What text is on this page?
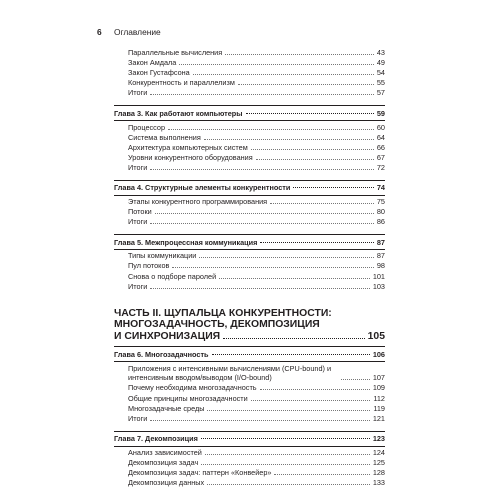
6 Оглавление
Параллельные вычисления	43
Закон Амдала	49
Закон Густафсона	54
Конкурентность и параллелизм	55
Итоги	57
Глава 3. Как работают компьютеры	59
Процессор	60
Система выполнения	64
Архитектура компьютерных систем	66
Уровни конкурентного оборудования	67
Итоги	72
Глава 4. Структурные элементы конкурентности	74
Этапы конкурентного программирования	75
Потоки	80
Итоги	86
Глава 5. Межпроцессная коммуникация	87
Типы коммуникации	87
Пул потоков	98
Снова о подборе паролей	101
Итоги	103
ЧАСТЬ II. ЩУПАЛЬЦА КОНКУРЕНТНОСТИ:
МНОГОЗАДАЧНОСТЬ, ДЕКОМПОЗИЦИЯ
И СИНХРОНИЗАЦИЯ	105
Глава 6. Многозадачность	106
Приложения с интенсивными вычислениями (CPU-bound) и интенсивным вводом/выводом (I/O-bound)	107
Почему необходима многозадачность	109
Общие принципы многозадачности	112
Многозадачные среды	119
Итоги	121
Глава 7. Декомпозиция	123
Анализ зависимостей	124
Декомпозиция задач	125
Декомпозиция задач: паттерн «Конвейер»	128
Декомпозиция данных	133
